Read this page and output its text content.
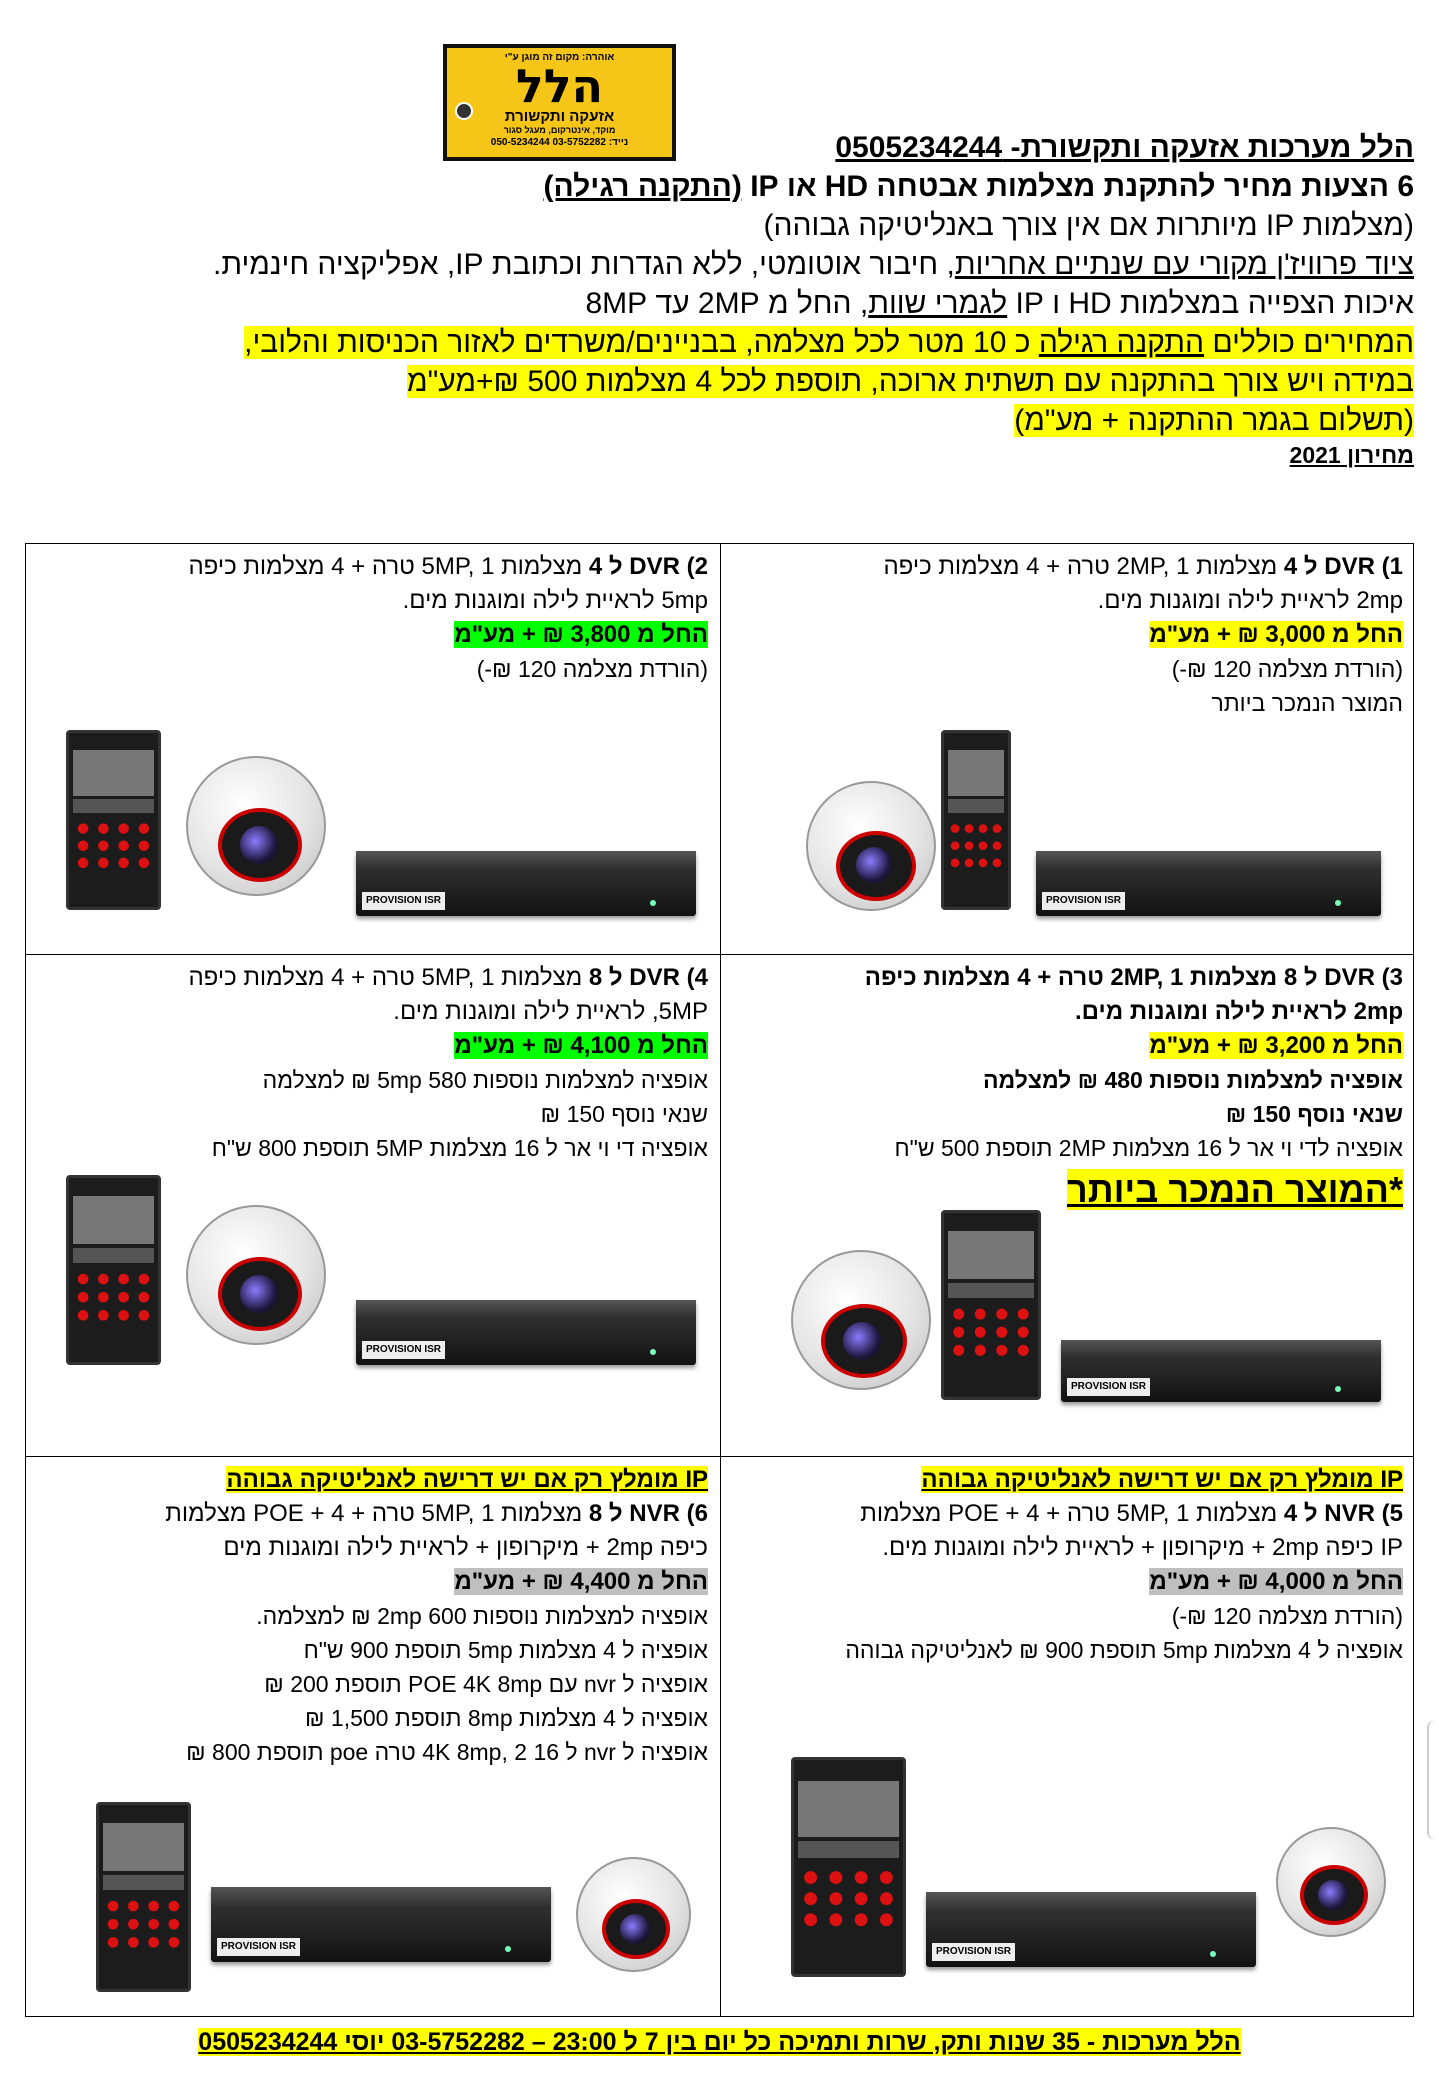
אוהרה: מקום זה מוגן ע"י
הלל
אזעקה ותקשורת
מוקד, אינטרקום, מעגל סגור
050-5234244 נייד: 03-5752282	הלל מערכות אזעקה ותקשורת- 0505234244
6 הצעות מחיר להתקנת מצלמות אבטחה HD או IP (התקנה רגילה)
(מצלמות IP מיותרות אם אין צורך באנליטיקה גבוהה)
ציוד פרוויז'ן מקורי עם שנתיים אחריות, חיבור אוטומטי, ללא הגדרות וכתובת IP, אפליקציה חינמית.
איכות הצפייה במצלמות HD ו IP לגמרי שוות, החל מ 2MP עד 8MP
המחירים כוללים התקנה רגילה כ 10 מטר לכל מצלמה, בבניינים/משרדים לאזור הכניסות והלובי,
במידה ויש צורך בהתקנה עם תשתית ארוכה, תוספת לכל 4 מצלמות 500 ₪+מע"מ
(תשלום בגמר ההתקנה + מע"מ)
מחירון 2021
1) DVR ל 4 מצלמות 2MP, 1 טרה + 4 מצלמות כיפה
2mp לראיית לילה ומוגנות מים.
החל מ 3,000 ₪ + מע"מ
(הורדת מצלמה 120 ₪-)
המוצר הנמכר ביותר
PROVISION ISR
2) DVR ל 4 מצלמות 5MP, 1 טרה + 4 מצלמות כיפה
5mp לראיית לילה ומוגנות מים.
החל מ 3,800 ₪ + מע"מ
(הורדת מצלמה 120 ₪-)
PROVISION ISR
3) DVR ל 8 מצלמות 2MP, 1 טרה + 4 מצלמות כיפה
2mp לראיית לילה ומוגנות מים.
החל מ 3,200 ₪ + מע"מ
אופציה למצלמות נוספות 480 ₪ למצלמה
שנאי נוסף 150 ₪
אופציה לדי וי אר ל 16 מצלמות 2MP תוספת 500 ש"ח
*המוצר הנמכר ביותר
PROVISION ISR
4) DVR ל 8 מצלמות 5MP, 1 טרה + 4 מצלמות כיפה
5MP, לראיית לילה ומוגנות מים.
החל מ 4,100 ₪ + מע"מ
אופציה למצלמות נוספות 5mp 580 ₪ למצלמה
שנאי נוסף 150 ₪
אופציה די וי אר ל 16 מצלמות 5MP תוספת 800 ש"ח
PROVISION ISR
IP מומלץ רק אם יש דרישה לאנליטיקה גבוהה
5) NVR ל 4 מצלמות 5MP, 1 טרה + POE + 4 מצלמות
IP כיפה 2mp + מיקרופון + לראיית לילה ומוגנות מים.
החל מ 4,000 ₪ + מע"מ
(הורדת מצלמה 120 ₪-)
אופציה ל 4 מצלמות 5mp תוספת 900 ₪ לאנליטיקה גבוהה
PROVISION ISR
IP מומלץ רק אם יש דרישה לאנליטיקה גבוהה
6) NVR ל 8 מצלמות 5MP, 1 טרה + POE + 4 מצלמות
כיפה 2mp + מיקרופון + לראיית לילה ומוגנות מים
החל מ 4,400 ₪ + מע"מ
אופציה למצלמות נוספות 2mp 600 ₪ למצלמה.
אופציה ל 4 מצלמות 5mp תוספת 900 ש"ח
אופציה ל nvr עם POE 4K 8mp תוספת 200 ₪
אופציה ל 4 מצלמות 8mp תוספת 1,500 ₪
אופציה ל nvr ל 16 4K 8mp, 2 טרה poe תוספת 800 ₪
PROVISION ISR
הלל מערכות - 35 שנות ותק, שרות ותמיכה כל יום בין 7 ל 23:00 – 03-5752282 יוסי 0505234244
